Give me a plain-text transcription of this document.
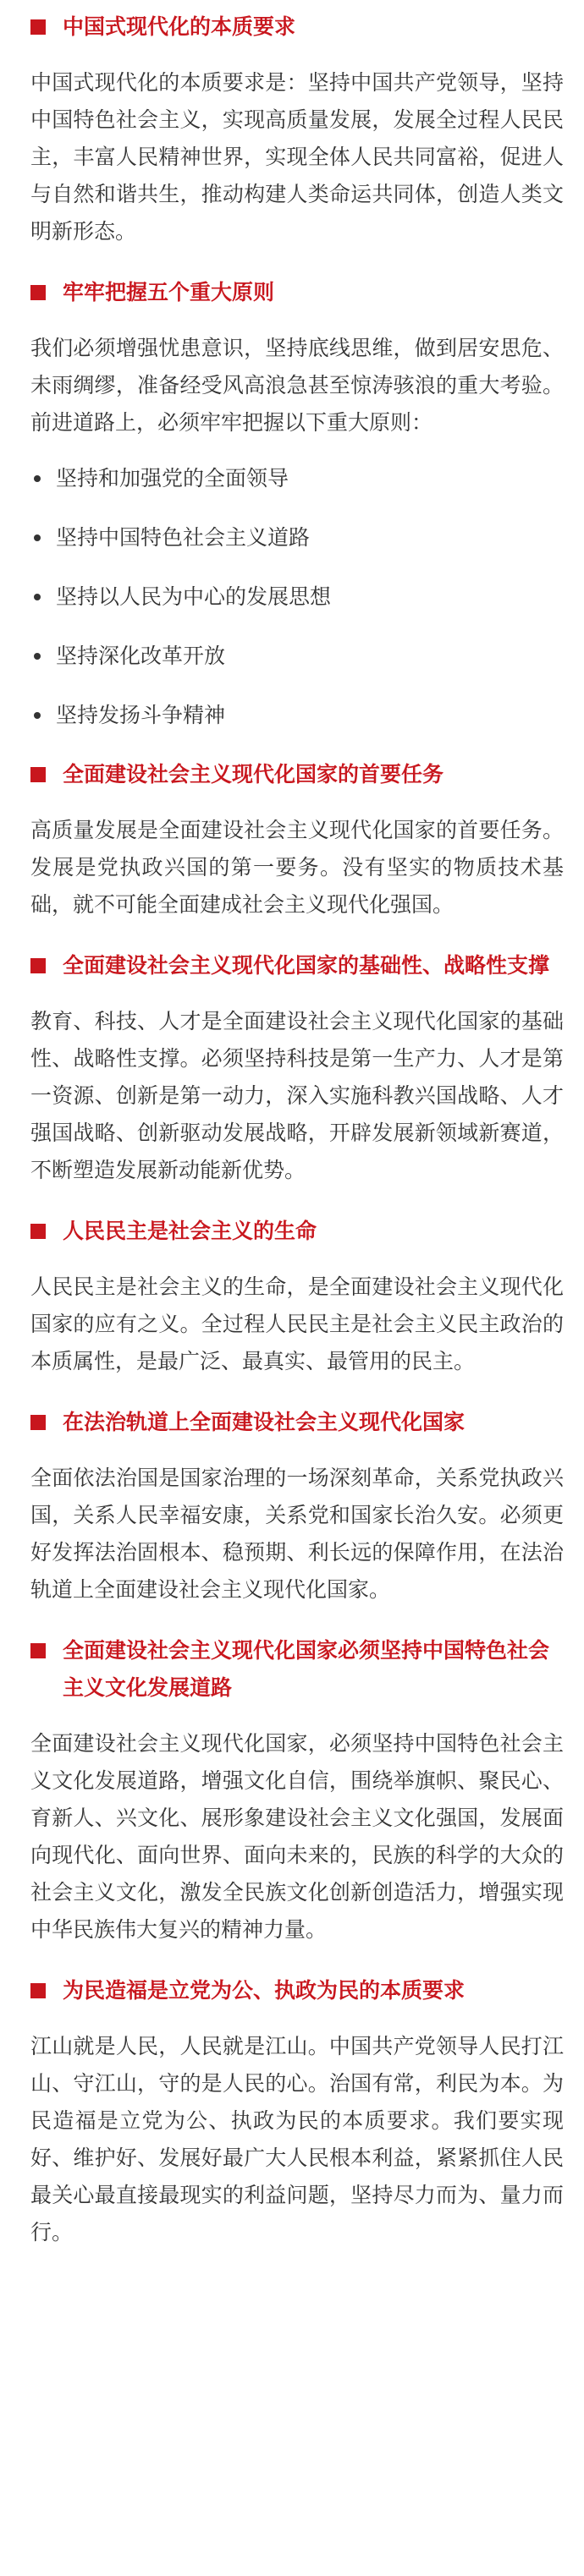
中国式现代化的本质要求

中国式现代化的本质要求是：坚持中国共产党领导，坚持中国特色社会主义，实现高质量发展，发展全过程人民民主，丰富人民精神世界，实现全体人民共同富裕，促进人与自然和谐共生，推动构建人类命运共同体，创造人类文明新形态。

牢牢把握五个重大原则

我们必须增强忧患意识，坚持底线思维，做到居安思危、未雨绸缪，准备经受风高浪急甚至惊涛骇浪的重大考验。前进道路上，必须牢牢把握以下重大原则：

坚持和加强党的全面领导
坚持中国特色社会主义道路
坚持以人民为中心的发展思想
坚持深化改革开放
坚持发扬斗争精神
全面建设社会主义现代化国家的首要任务

高质量发展是全面建设社会主义现代化国家的首要任务。发展是党执政兴国的第一要务。没有坚实的物质技术基础，就不可能全面建成社会主义现代化强国。

全面建设社会主义现代化国家的基础性、战略性支撑

教育、科技、人才是全面建设社会主义现代化国家的基础性、战略性支撑。必须坚持科技是第一生产力、人才是第一资源、创新是第一动力，深入实施科教兴国战略、人才强国战略、创新驱动发展战略，开辟发展新领域新赛道，不断塑造发展新动能新优势。

人民民主是社会主义的生命

人民民主是社会主义的生命，是全面建设社会主义现代化国家的应有之义。全过程人民民主是社会主义民主政治的本质属性，是最广泛、最真实、最管用的民主。

在法治轨道上全面建设社会主义现代化国家

全面依法治国是国家治理的一场深刻革命，关系党执政兴国，关系人民幸福安康，关系党和国家长治久安。必须更好发挥法治固根本、稳预期、利长远的保障作用，在法治轨道上全面建设社会主义现代化国家。

全面建设社会主义现代化国家必须坚持中国特色社会主义文化发展道路

全面建设社会主义现代化国家，必须坚持中国特色社会主义文化发展道路，增强文化自信，围绕举旗帜、聚民心、育新人、兴文化、展形象建设社会主义文化强国，发展面向现代化、面向世界、面向未来的，民族的科学的大众的社会主义文化，激发全民族文化创新创造活力，增强实现中华民族伟大复兴的精神力量。

为民造福是立党为公、执政为民的本质要求

江山就是人民，人民就是江山。中国共产党领导人民打江山、守江山，守的是人民的心。治国有常，利民为本。为民造福是立党为公、执政为民的本质要求。我们要实现好、维护好、发展好最广大人民根本利益，紧紧抓住人民最关心最直接最现实的利益问题，坚持尽力而为、量力而行。
